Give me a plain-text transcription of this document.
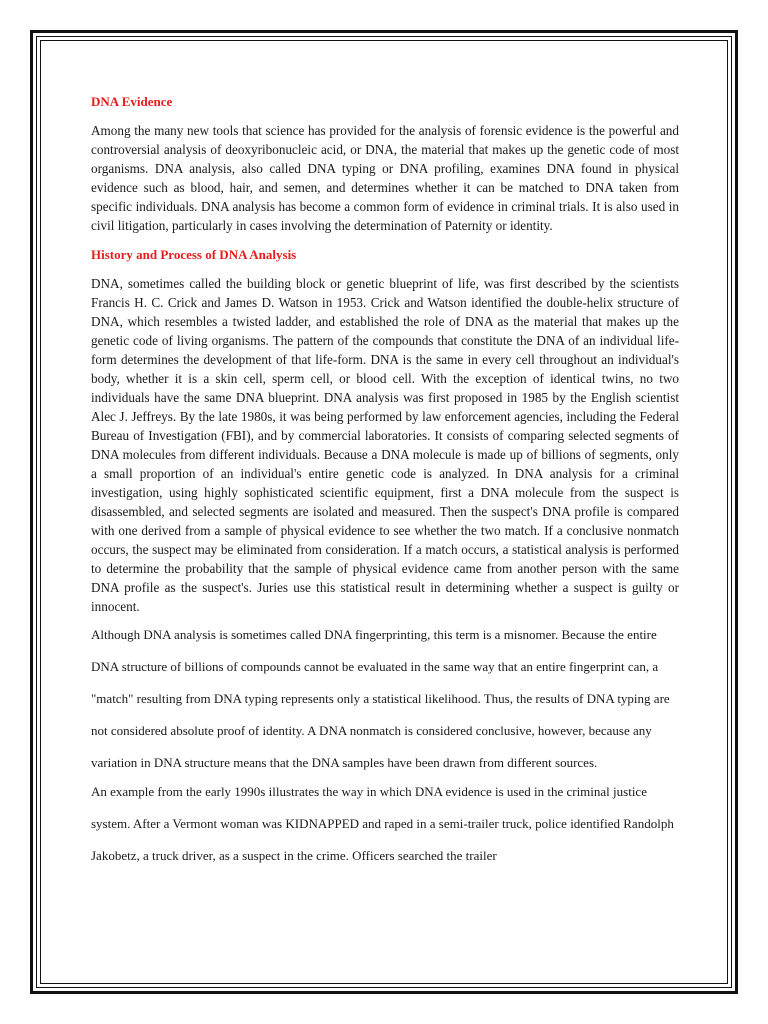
DNA Evidence

Among the many new tools that science has provided for the analysis of forensic evidence is the powerful and controversial analysis of deoxyribonucleic acid, or DNA, the material that makes up the genetic code of most organisms. DNA analysis, also called DNA typing or DNA profiling, examines DNA found in physical evidence such as blood, hair, and semen, and determines whether it can be matched to DNA taken from specific individuals. DNA analysis has become a common form of evidence in criminal trials. It is also used in civil litigation, particularly in cases involving the determination of Paternity or identity.

History and Process of DNA Analysis

DNA, sometimes called the building block or genetic blueprint of life, was first described by the scientists Francis H. C. Crick and James D. Watson in 1953. Crick and Watson identified the double-helix structure of DNA, which resembles a twisted ladder, and established the role of DNA as the material that makes up the genetic code of living organisms. The pattern of the compounds that constitute the DNA of an individual life-form determines the development of that life-form. DNA is the same in every cell throughout an individual's body, whether it is a skin cell, sperm cell, or blood cell. With the exception of identical twins, no two individuals have the same DNA blueprint. DNA analysis was first proposed in 1985 by the English scientist Alec J. Jeffreys. By the late 1980s, it was being performed by law enforcement agencies, including the Federal Bureau of Investigation (FBI), and by commercial laboratories. It consists of comparing selected segments of DNA molecules from different individuals. Because a DNA molecule is made up of billions of segments, only a small proportion of an individual's entire genetic code is analyzed. In DNA analysis for a criminal investigation, using highly sophisticated scientific equipment, first a DNA molecule from the suspect is disassembled, and selected segments are isolated and measured. Then the suspect's DNA profile is compared with one derived from a sample of physical evidence to see whether the two match. If a conclusive nonmatch occurs, the suspect may be eliminated from consideration. If a match occurs, a statistical analysis is performed to determine the probability that the sample of physical evidence came from another person with the same DNA profile as the suspect's. Juries use this statistical result in determining whether a suspect is guilty or innocent.

Although DNA analysis is sometimes called DNA fingerprinting, this term is a misnomer. Because the entire DNA structure of billions of compounds cannot be evaluated in the same way that an entire fingerprint can, a "match" resulting from DNA typing represents only a statistical likelihood. Thus, the results of DNA typing are not considered absolute proof of identity. A DNA nonmatch is considered conclusive, however, because any variation in DNA structure means that the DNA samples have been drawn from different sources.

An example from the early 1990s illustrates the way in which DNA evidence is used in the criminal justice system. After a Vermont woman was KIDNAPPED and raped in a semi-trailer truck, police identified Randolph Jakobetz, a truck driver, as a suspect in the crime. Officers searched the trailer
